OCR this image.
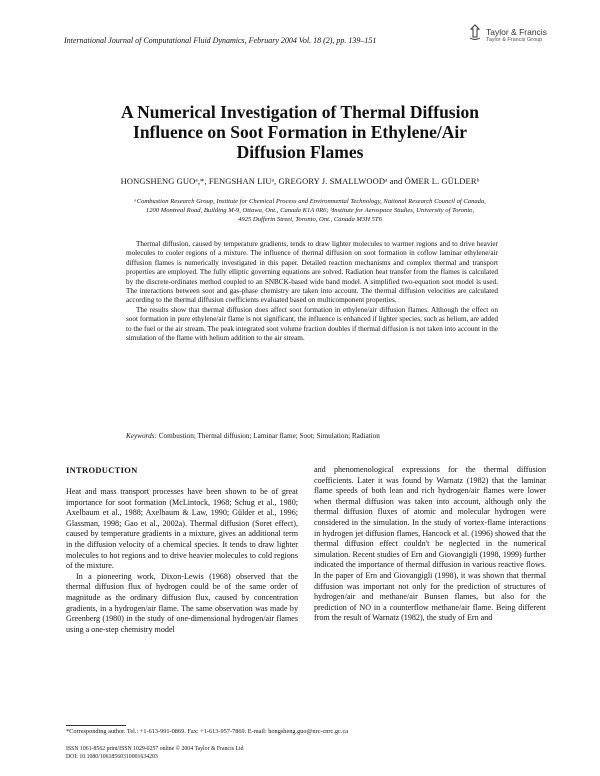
International Journal of Computational Fluid Dynamics, February 2004 Vol. 18 (2), pp. 139–151
Taylor & Francis
Taylor & Francis Group
A Numerical Investigation of Thermal Diffusion
Influence on Soot Formation in Ethylene/Air
Diffusion Flames
HONGSHENG GUOᵃ,*, FENGSHAN LIUᵃ, GREGORY J. SMALLWOODᵃ and ÖMER L. GÜLDERᵇ
ᵃCombustion Research Group, Institute for Chemical Process and Environmental Technology, National Research Council of Canada,
1200 Montreal Road, Building M-9, Ottawa, Ont., Canada K1A 0R6; ᵇInstitute for Aerospace Studies, University of Toronto,
4925 Dufferin Street, Toronto, Ont., Canada M3H 5T6

Thermal diffusion, caused by temperature gradients, tends to draw lighter molecules to warmer regions and to drive heavier molecules to cooler regions of a mixture. The influence of thermal diffusion on soot formation in coflow laminar ethylene/air diffusion flames is numerically investigated in this paper. Detailed reaction mechanisms and complex thermal and transport properties are employed. The fully elliptic governing equations are solved. Radiation heat transfer from the flames is calculated by the discrete-ordinates method coupled to an SNBCK-based wide band model. A simplified two-equation soot model is used. The interactions between soot and gas-phase chemistry are taken into account. The thermal diffusion velocities are calculated according to the thermal diffusion coefficients evaluated based on multicomponent properties.

The results show that thermal diffusion does affect soot formation in ethylene/air diffusion flames. Although the effect on soot formation in pure ethylene/air flame is not significant, the influence is enhanced if lighter species, such as helium, are added to the fuel or the air stream. The peak integrated soot volume fraction doubles if thermal diffusion is not taken into account in the simulation of the flame with helium addition to the air stream.

Keywords: Combustion; Thermal diffusion; Laminar flame; Soot; Simulation; Radiation
INTRODUCTION

Heat and mass transport processes have been shown to be of great importance for soot formation (McLintock, 1968; Schug et al., 1980; Axelbaum et al., 1988; Axelbaum & Law, 1990; Gülder et al., 1996; Glassman, 1998; Gao et al., 2002a). Thermal diffusion (Soret effect), caused by temperature gradients in a mixture, gives an additional term in the diffusion velocity of a chemical species. It tends to draw lighter molecules to hot regions and to drive heavier molecules to cold regions of the mixture.

In a pioneering work, Dixon-Lewis (1968) observed that the thermal diffusion flux of hydrogen could be of the same order of magnitude as the ordinary diffusion flux, caused by concentration gradients, in a hydrogen/air flame. The same observation was made by Greenberg (1980) in the study of one-dimensional hydrogen/air flames using a one-step chemistry model

and phenomenological expressions for the thermal diffusion coefficients. Later it was found by Warnatz (1982) that the laminar flame speeds of both lean and rich hydrogen/air flames were lower when thermal diffusion was taken into account, although only the thermal diffusion fluxes of atomic and molecular hydrogen were considered in the simulation. In the study of vortex-flame interactions in hydrogen jet diffusion flames, Hancock et al. (1996) showed that the thermal diffusion effect couldn't be neglected in the numerical simulation. Recent studies of Ern and Giovangigli (1998, 1999) further indicated the importance of thermal diffusion in various reactive flows. In the paper of Ern and Giovangigli (1998), it was shown that thermal diffusion was important not only for the prediction of structures of hydrogen/air and methane/air Bunsen flames, but also for the prediction of NO in a counterflow methane/air flame. Being different from the result of Warnatz (1982), the study of Ern and

*Corresponding author. Tel.: +1-613-991-0869. Fax: +1-613-957-7869. E-mail: hongsheng.guo@nrc-cnrc.gc.ca
ISSN 1061-8562 print/ISSN 1029-0257 online © 2004 Taylor & Francis Ltd
DOI: 10.1080/10618560310001634203
